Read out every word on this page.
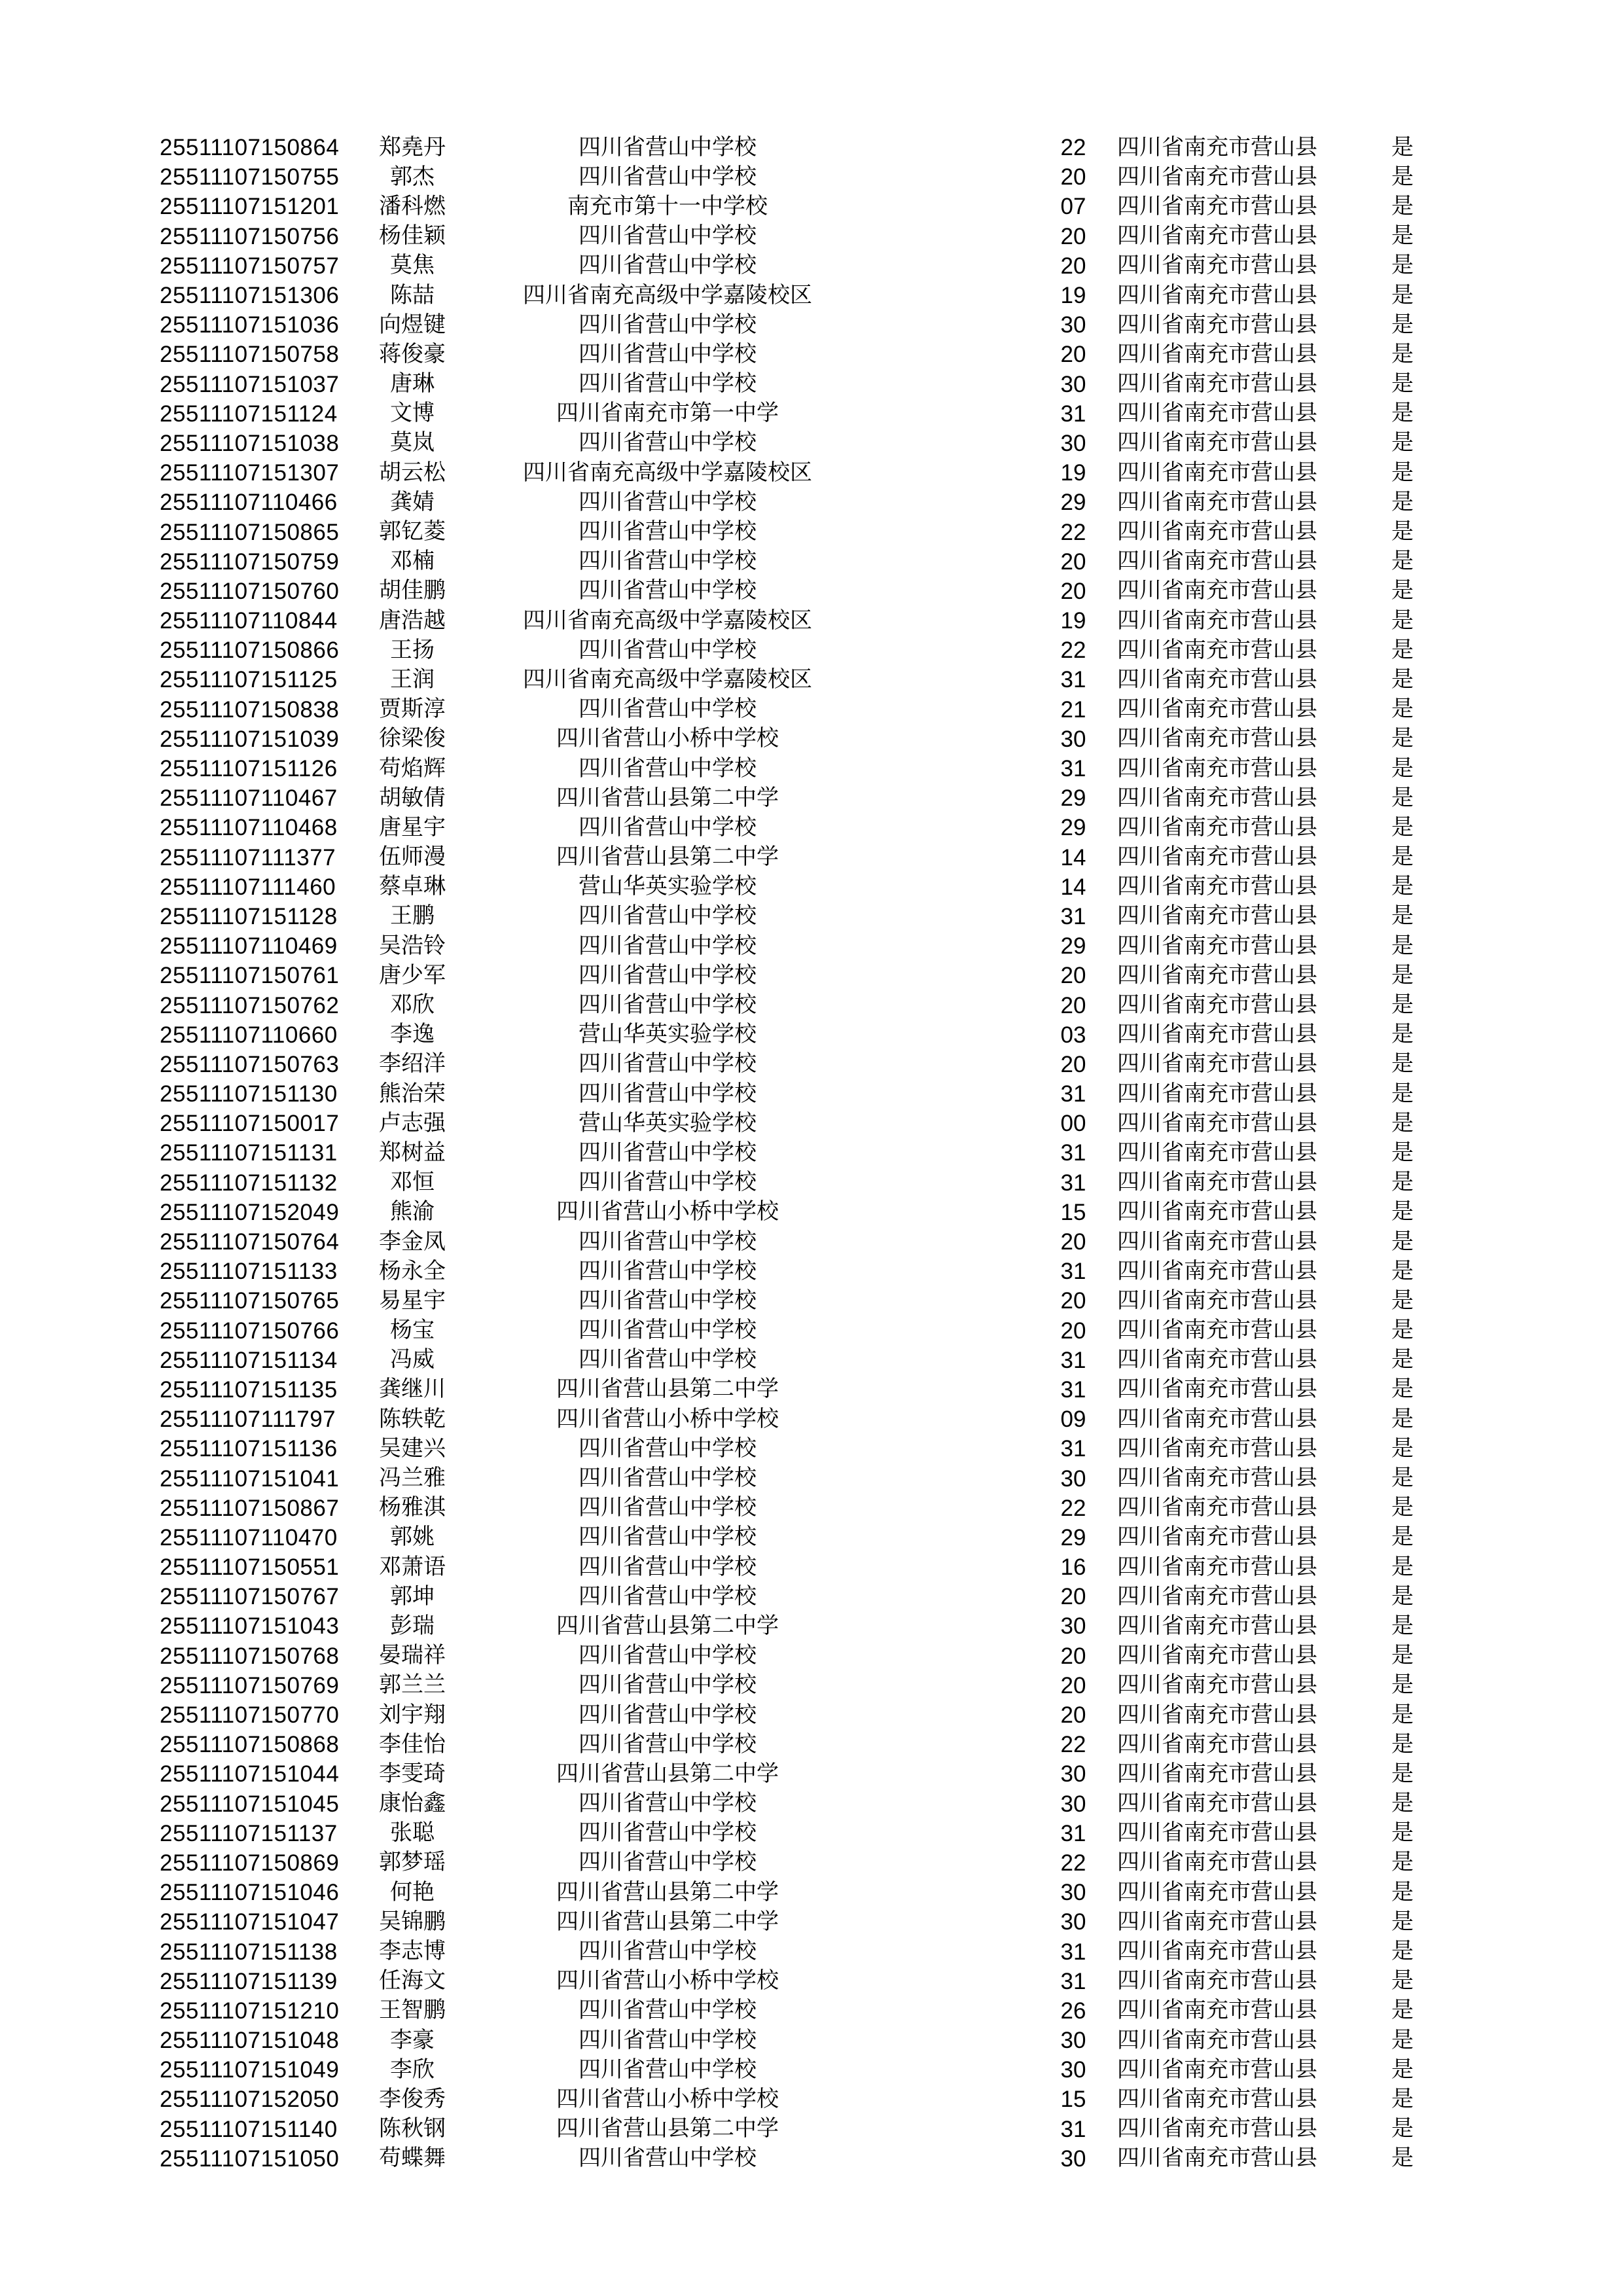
25511107150864	郑堯丹	四川省营山中学校	22	四川省南充市营山县	是
25511107150755	郭杰	四川省营山中学校	20	四川省南充市营山县	是
25511107151201	潘科燃	南充市第十一中学校	07	四川省南充市营山县	是
25511107150756	杨佳颖	四川省营山中学校	20	四川省南充市营山县	是
25511107150757	莫焦	四川省营山中学校	20	四川省南充市营山县	是
25511107151306	陈喆	四川省南充高级中学嘉陵校区	19	四川省南充市营山县	是
25511107151036	向煜键	四川省营山中学校	30	四川省南充市营山县	是
25511107150758	蒋俊豪	四川省营山中学校	20	四川省南充市营山县	是
25511107151037	唐琳	四川省营山中学校	30	四川省南充市营山县	是
25511107151124	文博	四川省南充市第一中学	31	四川省南充市营山县	是
25511107151038	莫岚	四川省营山中学校	30	四川省南充市营山县	是
25511107151307	胡云松	四川省南充高级中学嘉陵校区	19	四川省南充市营山县	是
25511107110466	龚婧	四川省营山中学校	29	四川省南充市营山县	是
25511107150865	郭钇菱	四川省营山中学校	22	四川省南充市营山县	是
25511107150759	邓楠	四川省营山中学校	20	四川省南充市营山县	是
25511107150760	胡佳鹏	四川省营山中学校	20	四川省南充市营山县	是
25511107110844	唐浩越	四川省南充高级中学嘉陵校区	19	四川省南充市营山县	是
25511107150866	王扬	四川省营山中学校	22	四川省南充市营山县	是
25511107151125	王润	四川省南充高级中学嘉陵校区	31	四川省南充市营山县	是
25511107150838	贾斯淳	四川省营山中学校	21	四川省南充市营山县	是
25511107151039	徐梁俊	四川省营山小桥中学校	30	四川省南充市营山县	是
25511107151126	苟焰辉	四川省营山中学校	31	四川省南充市营山县	是
25511107110467	胡敏倩	四川省营山县第二中学	29	四川省南充市营山县	是
25511107110468	唐星宇	四川省营山中学校	29	四川省南充市营山县	是
25511107111377	伍师漫	四川省营山县第二中学	14	四川省南充市营山县	是
25511107111460	蔡卓琳	营山华英实验学校	14	四川省南充市营山县	是
25511107151128	王鹏	四川省营山中学校	31	四川省南充市营山县	是
25511107110469	吴浩铃	四川省营山中学校	29	四川省南充市营山县	是
25511107150761	唐少军	四川省营山中学校	20	四川省南充市营山县	是
25511107150762	邓欣	四川省营山中学校	20	四川省南充市营山县	是
25511107110660	李逸	营山华英实验学校	03	四川省南充市营山县	是
25511107150763	李绍洋	四川省营山中学校	20	四川省南充市营山县	是
25511107151130	熊治荣	四川省营山中学校	31	四川省南充市营山县	是
25511107150017	卢志强	营山华英实验学校	00	四川省南充市营山县	是
25511107151131	郑树益	四川省营山中学校	31	四川省南充市营山县	是
25511107151132	邓恒	四川省营山中学校	31	四川省南充市营山县	是
25511107152049	熊渝	四川省营山小桥中学校	15	四川省南充市营山县	是
25511107150764	李金凤	四川省营山中学校	20	四川省南充市营山县	是
25511107151133	杨永全	四川省营山中学校	31	四川省南充市营山县	是
25511107150765	易星宇	四川省营山中学校	20	四川省南充市营山县	是
25511107150766	杨宝	四川省营山中学校	20	四川省南充市营山县	是
25511107151134	冯威	四川省营山中学校	31	四川省南充市营山县	是
25511107151135	龚继川	四川省营山县第二中学	31	四川省南充市营山县	是
25511107111797	陈轶乾	四川省营山小桥中学校	09	四川省南充市营山县	是
25511107151136	吴建兴	四川省营山中学校	31	四川省南充市营山县	是
25511107151041	冯兰雅	四川省营山中学校	30	四川省南充市营山县	是
25511107150867	杨雅淇	四川省营山中学校	22	四川省南充市营山县	是
25511107110470	郭姚	四川省营山中学校	29	四川省南充市营山县	是
25511107150551	邓萧语	四川省营山中学校	16	四川省南充市营山县	是
25511107150767	郭坤	四川省营山中学校	20	四川省南充市营山县	是
25511107151043	彭瑞	四川省营山县第二中学	30	四川省南充市营山县	是
25511107150768	晏瑞祥	四川省营山中学校	20	四川省南充市营山县	是
25511107150769	郭兰兰	四川省营山中学校	20	四川省南充市营山县	是
25511107150770	刘宇翔	四川省营山中学校	20	四川省南充市营山县	是
25511107150868	李佳怡	四川省营山中学校	22	四川省南充市营山县	是
25511107151044	李雯琦	四川省营山县第二中学	30	四川省南充市营山县	是
25511107151045	康怡鑫	四川省营山中学校	30	四川省南充市营山县	是
25511107151137	张聪	四川省营山中学校	31	四川省南充市营山县	是
25511107150869	郭梦瑶	四川省营山中学校	22	四川省南充市营山县	是
25511107151046	何艳	四川省营山县第二中学	30	四川省南充市营山县	是
25511107151047	吴锦鹏	四川省营山县第二中学	30	四川省南充市营山县	是
25511107151138	李志博	四川省营山中学校	31	四川省南充市营山县	是
25511107151139	任海文	四川省营山小桥中学校	31	四川省南充市营山县	是
25511107151210	王智鹏	四川省营山中学校	26	四川省南充市营山县	是
25511107151048	李豪	四川省营山中学校	30	四川省南充市营山县	是
25511107151049	李欣	四川省营山中学校	30	四川省南充市营山县	是
25511107152050	李俊秀	四川省营山小桥中学校	15	四川省南充市营山县	是
25511107151140	陈秋钢	四川省营山县第二中学	31	四川省南充市营山县	是
25511107151050	苟蝶舞	四川省营山中学校	30	四川省南充市营山县	是
